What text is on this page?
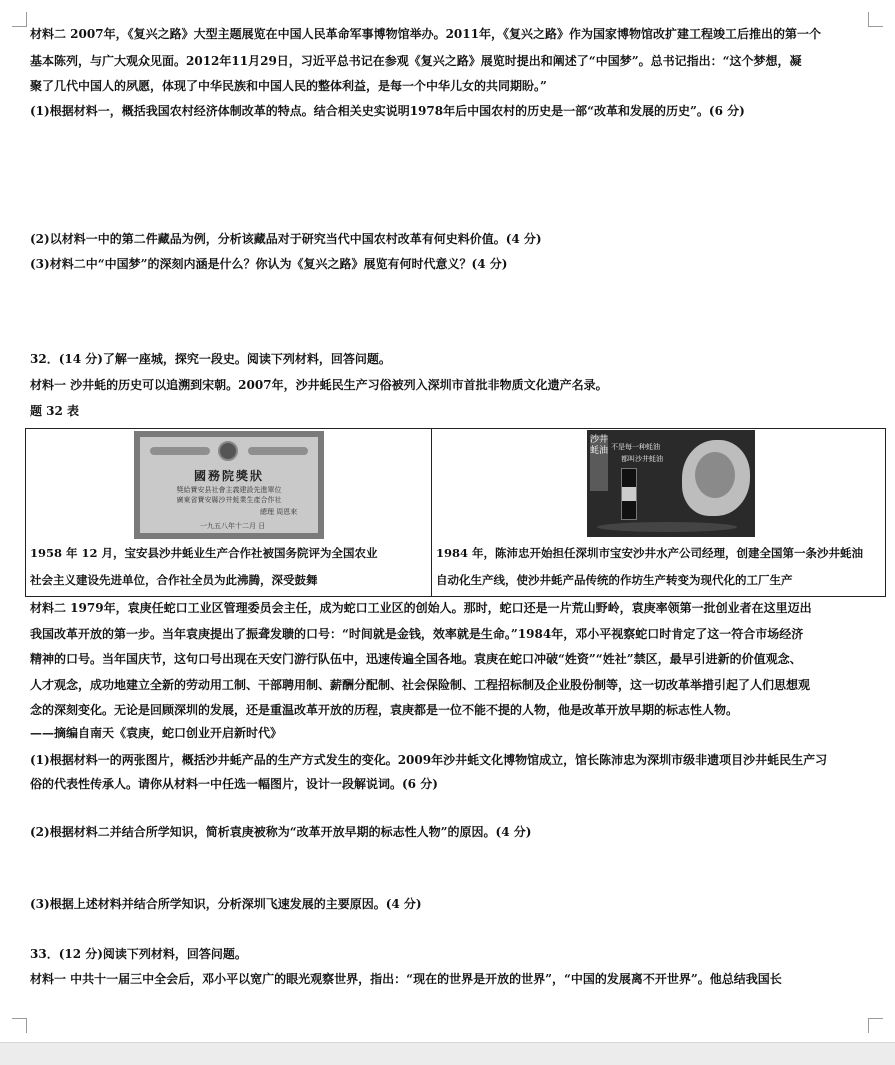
材料二 2007年，《复兴之路》大型主题展览在中国人民革命军事博物馆举办。2011年，《复兴之路》作为国家博物馆改扩建工程竣工后推出的第一个
基本陈列，与广大观众见面。2012年11月29日，习近平总书记在参观《复兴之路》展览时提出和阐述了“中国梦”。总书记指出：“这个梦想，凝
聚了几代中国人的夙愿，体现了中华民族和中国人民的整体利益，是每一个中华儿女的共同期盼。”
(1)根据材料一，概括我国农村经济体制改革的特点。结合相关史实说明1978年后中国农村的历史是一部“改革和发展的历史”。(6 分)
(2)以材料一中的第二件藏品为例，分析该藏品对于研究当代中国农村改革有何史料价值。(4 分)
(3)材料二中“中国梦”的深刻内涵是什么？你认为《复兴之路》展览有何时代意义？(4 分)
32．(14 分)了解一座城，探究一段史。阅读下列材料，回答问题。
材料一 沙井蚝的历史可以追溯到宋朝。2007年，沙井蚝民生产习俗被列入深圳市首批非物质文化遗产名录。
题 32 表
國務院獎狀
獎給寶安县社會主義建設先進單位
廣東省寶安縣沙井蚝業生產合作社
總理 周恩來
一九五八年十二月 日
1958 年 12 月，宝安县沙井蚝业生产合作社被国务院评为全国农业
社会主义建设先进单位，合作社全员为此沸腾，深受鼓舞
沙井蚝油 不是每一种蚝油
都叫沙井蚝油
1984 年，陈沛忠开始担任深圳市宝安沙井水产公司经理，创建全国第一条沙井蚝油
自动化生产线，使沙井蚝产品传统的作坊生产转变为现代化的工厂生产
材料二 1979年，袁庚任蛇口工业区管理委员会主任，成为蛇口工业区的创始人。那时，蛇口还是一片荒山野岭，袁庚率领第一批创业者在这里迈出
我国改革开放的第一步。当年袁庚提出了振聋发聩的口号：“时间就是金钱，效率就是生命。”1984年，邓小平视察蛇口时肯定了这一符合市场经济
精神的口号。当年国庆节，这句口号出现在天安门游行队伍中，迅速传遍全国各地。袁庚在蛇口冲破“姓资”“姓社”禁区，最早引进新的价值观念、
人才观念，成功地建立全新的劳动用工制、干部聘用制、薪酬分配制、社会保险制、工程招标制及企业股份制等，这一切改革举措引起了人们思想观
念的深刻变化。无论是回顾深圳的发展，还是重温改革开放的历程，袁庚都是一位不能不提的人物，他是改革开放早期的标志性人物。
——摘编自南天《袁庚，蛇口创业开启新时代》
(1)根据材料一的两张图片，概括沙井蚝产品的生产方式发生的变化。2009年沙井蚝文化博物馆成立，馆长陈沛忠为深圳市级非遗项目沙井蚝民生产习
俗的代表性传承人。请你从材料一中任选一幅图片，设计一段解说词。(6 分)
(2)根据材料二并结合所学知识，简析袁庚被称为“改革开放早期的标志性人物”的原因。(4 分)
(3)根据上述材料并结合所学知识，分析深圳飞速发展的主要原因。(4 分)
33．(12 分)阅读下列材料，回答问题。
材料一 中共十一届三中全会后，邓小平以宽广的眼光观察世界，指出：“现在的世界是开放的世界”，“中国的发展离不开世界”。他总结我国长
